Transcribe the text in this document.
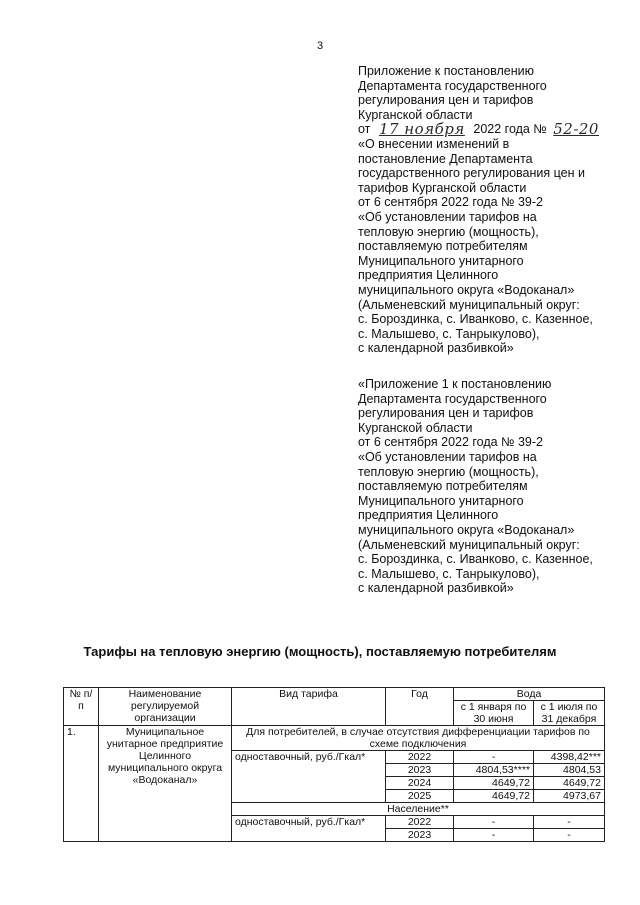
3
Приложение к постановлению
Департамента государственного
регулирования цен и тарифов
Курганской области
от 17 ноября 2022 года № 52-20
«О внесении изменений в
постановление Департамента
государственного регулирования цен и
тарифов Курганской области
от 6 сентября 2022 года № 39-2
«Об установлении тарифов на
тепловую энергию (мощность),
поставляемую потребителям
Муниципального унитарного
предприятия Целинного
муниципального округа «Водоканал»
(Альменевский муниципальный округ:
с. Бороздинка, с. Иванково, с. Казенное,
с. Малышево, с. Танрыкулово),
с календарной разбивкой»
«Приложение 1 к постановлению
Департамента государственного
регулирования цен и тарифов
Курганской области
от 6 сентября 2022 года № 39-2
«Об установлении тарифов на
тепловую энергию (мощность),
поставляемую потребителям
Муниципального унитарного
предприятия Целинного
муниципального округа «Водоканал»
(Альменевский муниципальный округ:
с. Бороздинка, с. Иванково, с. Казенное,
с. Малышево, с. Танрыкулово),
с календарной разбивкой»
Тарифы на тепловую энергию (мощность), поставляемую потребителям
№ п/п	Наименование регулируемой организации	Вид тарифа	Год	Вода	
				с 1 января по 30 июня	с 1 июля по 31 декабря
1.	Муниципальное унитарное предприятие Целинного муниципального округа «Водоканал»	Для потребителей, в случае отсутствия дифференциации тарифов по схеме подключения			
		одноставочный, руб./Гкал*	2022	-	4398,42***
			2023	4804,53****	4804,53
			2024	4649,72	4649,72
			2025	4649,72	4973,67
		Население**			
		одноставочный, руб./Гкал*	2022	-	-
			2023	-	-
